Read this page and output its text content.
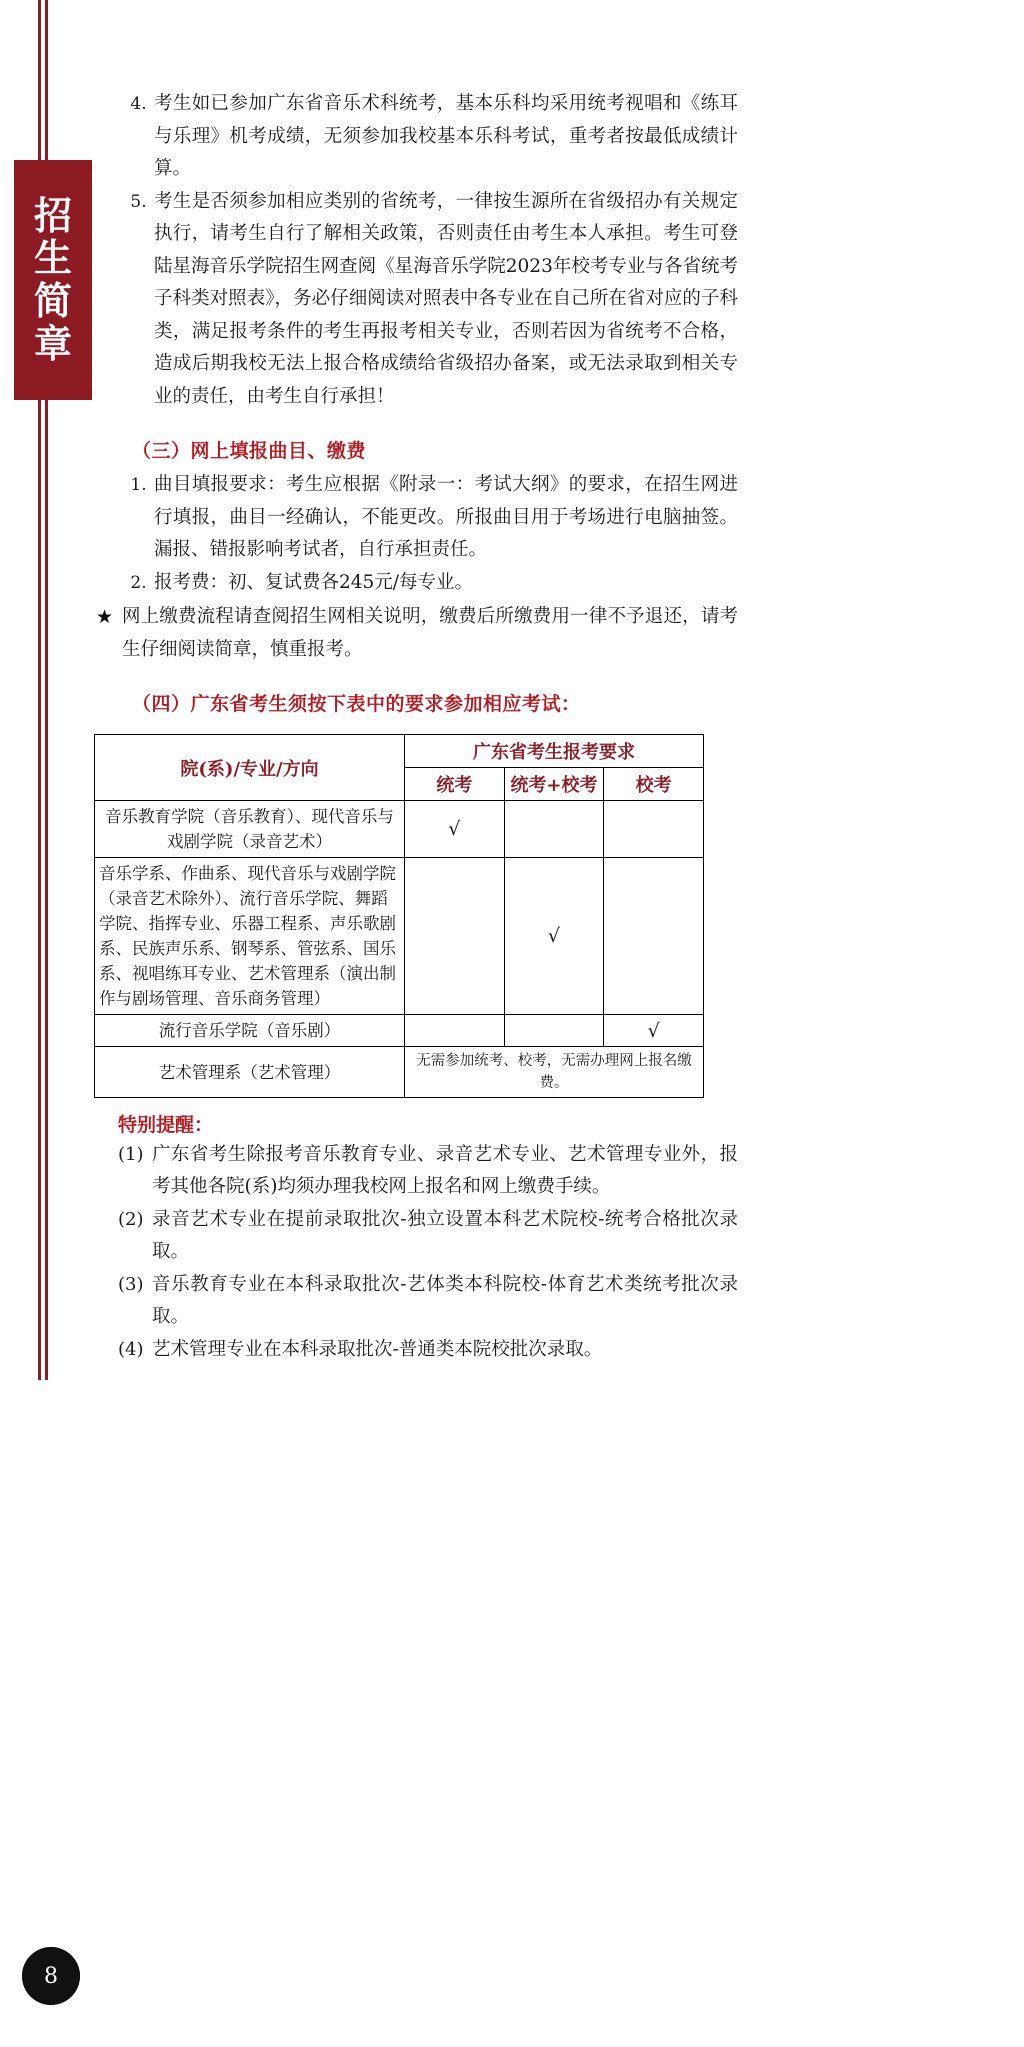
招
生
简
章
4. 考生如已参加广东省音乐术科统考，基本乐科均采用统考视唱和《练耳与乐理》机考成绩，无须参加我校基本乐科考试，重考者按最低成绩计算。
5. 考生是否须参加相应类别的省统考，一律按生源所在省级招办有关规定执行，请考生自行了解相关政策，否则责任由考生本人承担。考生可登陆星海音乐学院招生网查阅《星海音乐学院2023年校考专业与各省统考子科类对照表》，务必仔细阅读对照表中各专业在自己所在省对应的子科类，满足报考条件的考生再报考相关专业，否则若因为省统考不合格，造成后期我校无法上报合格成绩给省级招办备案，或无法录取到相关专业的责任，由考生自行承担！
（三）网上填报曲目、缴费
1. 曲目填报要求：考生应根据《附录一：考试大纲》的要求，在招生网进行填报，曲目一经确认，不能更改。所报曲目用于考场进行电脑抽签。漏报、错报影响考试者，自行承担责任。
2. 报考费：初、复试费各245元/每专业。
★ 网上缴费流程请查阅招生网相关说明，缴费后所缴费用一律不予退还，请考生仔细阅读简章，慎重报考。
（四）广东省考生须按下表中的要求参加相应考试：
院(系)/专业/方向	广东省考生报考要求		
	统考	统考+校考	校考
音乐教育学院（音乐教育）、现代音乐与戏剧学院（录音艺术）	√		
音乐学系、作曲系、现代音乐与戏剧学院（录音艺术除外）、流行音乐学院、舞蹈学院、指挥专业、乐器工程系、声乐歌剧系、民族声乐系、钢琴系、管弦系、国乐系、视唱练耳专业、艺术管理系（演出制作与剧场管理、音乐商务管理）		√	
流行音乐学院（音乐剧）			√
艺术管理系（艺术管理）	无需参加统考、校考，无需办理网上报名缴费。		
特别提醒：
(1) 广东省考生除报考音乐教育专业、录音艺术专业、艺术管理专业外，报考其他各院(系)均须办理我校网上报名和网上缴费手续。
(2) 录音艺术专业在提前录取批次-独立设置本科艺术院校-统考合格批次录取。
(3) 音乐教育专业在本科录取批次-艺体类本科院校-体育艺术类统考批次录取。
(4) 艺术管理专业在本科录取批次-普通类本院校批次录取。
8
